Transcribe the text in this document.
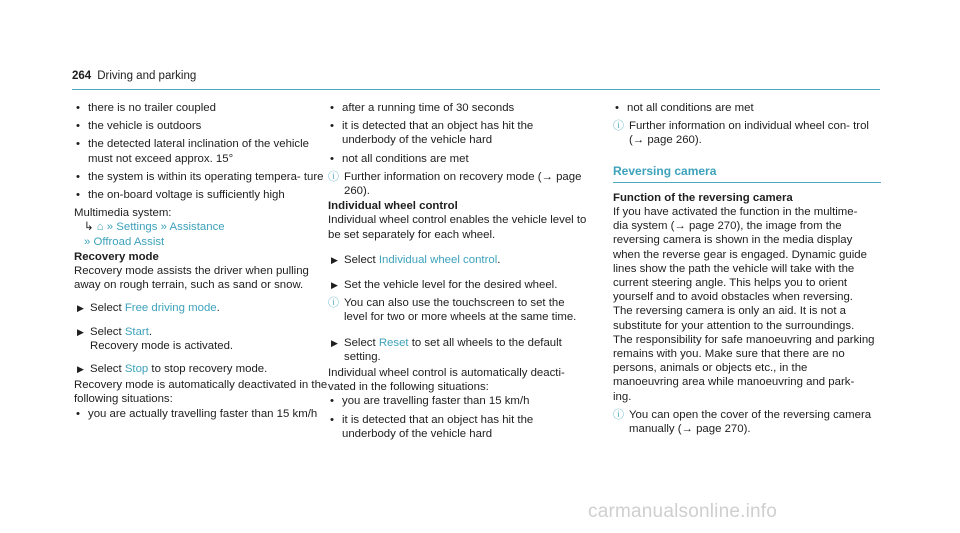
264 Driving and parking

• there is no trailer coupled

• the vehicle is outdoors

• the detected lateral inclination of the vehicle must not exceed approx. 15°

• the system is within its operating tempera- ture

• the on-board voltage is sufficiently high

Multimedia system:

↳ ⌂ » Settings » Assistance

» Offroad Assist

Recovery mode

Recovery mode assists the driver when pulling away on rough terrain, such as sand or snow.

▶ Select Free driving mode.

▶ Select Start.
Recovery mode is activated.

▶ Select Stop to stop recovery mode.

Recovery mode is automatically deactivated in the following situations:

• you are actually travelling faster than 15 km/h

• after a running time of 30 seconds

• it is detected that an object has hit the underbody of the vehicle hard

• not all conditions are met

ⓘ Further information on recovery mode (→ page 260).

Individual wheel control

Individual wheel control enables the vehicle level to be set separately for each wheel.

▶ Select Individual wheel control.

▶ Set the vehicle level for the desired wheel.

ⓘ You can also use the touchscreen to set the level for two or more wheels at the same time.

▶ Select Reset to set all wheels to the default setting.

Individual wheel control is automatically deacti- vated in the following situations:

• you are travelling faster than 15 km/h

• it is detected that an object has hit the underbody of the vehicle hard

• not all conditions are met

ⓘ Further information on individual wheel con- trol (→ page 260).

Reversing camera

Function of the reversing camera

If you have activated the function in the multime- dia system (→ page 270), the image from the reversing camera is shown in the media display when the reverse gear is engaged. Dynamic guide lines show the path the vehicle will take with the current steering angle. This helps you to orient yourself and to avoid obstacles when reversing.

The reversing camera is only an aid. It is not a substitute for your attention to the surroundings. The responsibility for safe manoeuvring and parking remains with you. Make sure that there are no persons, animals or objects etc., in the manoeuvring area while manoeuvring and park- ing.

ⓘ You can open the cover of the reversing camera manually (→ page 270).

carmanualsonline.info
